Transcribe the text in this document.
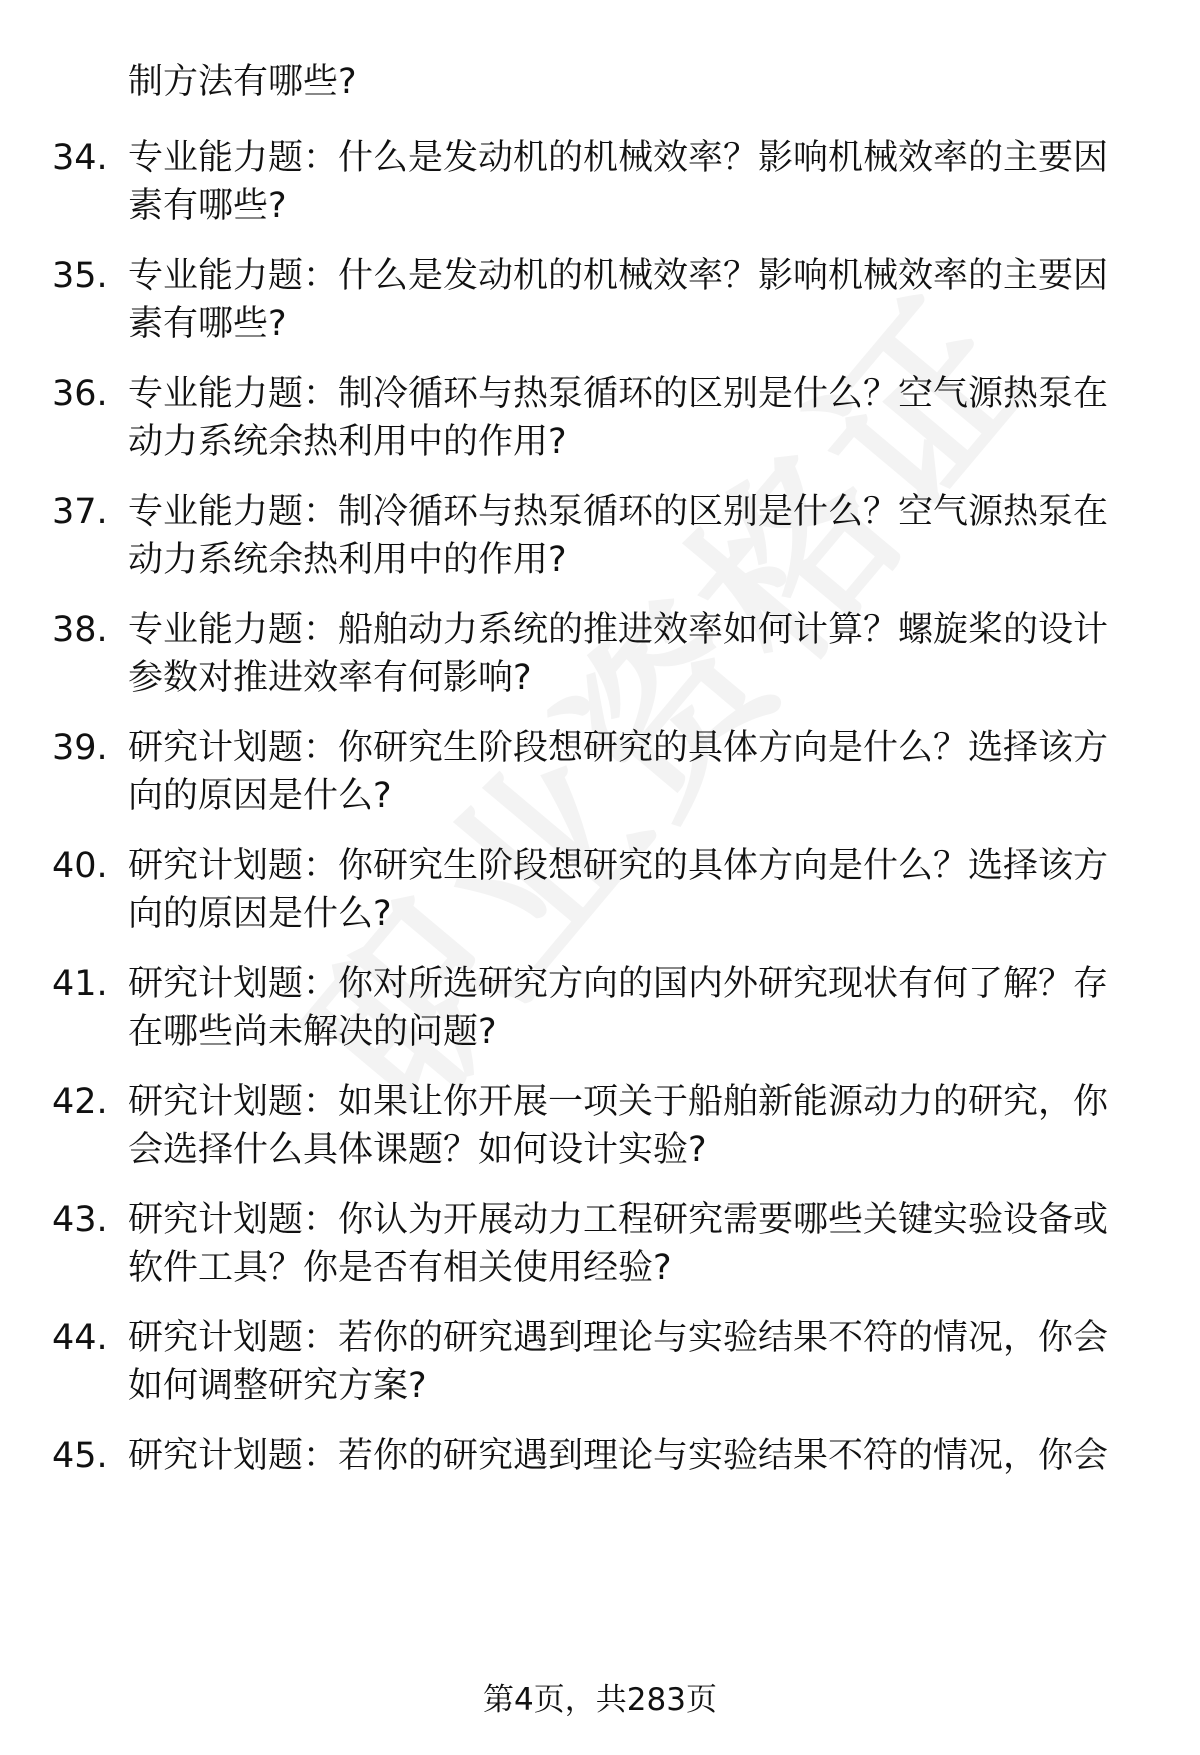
制方法有哪些?
34. 专业能力题：什么是发动机的机械效率？影响机械效率的主要因素有哪些?
35. 专业能力题：什么是发动机的机械效率？影响机械效率的主要因素有哪些?
36. 专业能力题：制冷循环与热泵循环的区别是什么？空气源热泵在动力系统余热利用中的作用?
37. 专业能力题：制冷循环与热泵循环的区别是什么？空气源热泵在动力系统余热利用中的作用?
38. 专业能力题：船舶动力系统的推进效率如何计算？螺旋桨的设计参数对推进效率有何影响?
39. 研究计划题：你研究生阶段想研究的具体方向是什么？选择该方向的原因是什么?
40. 研究计划题：你研究生阶段想研究的具体方向是什么？选择该方向的原因是什么?
41. 研究计划题：你对所选研究方向的国内外研究现状有何了解？存在哪些尚未解决的问题?
42. 研究计划题：如果让你开展一项关于船舶新能源动力的研究，你会选择什么具体课题？如何设计实验?
43. 研究计划题：你认为开展动力工程研究需要哪些关键实验设备或软件工具？你是否有相关使用经验?
44. 研究计划题：若你的研究遇到理论与实验结果不符的情况，你会如何调整研究方案?
45. 研究计划题：若你的研究遇到理论与实验结果不符的情况，你会
第4页，共283页
